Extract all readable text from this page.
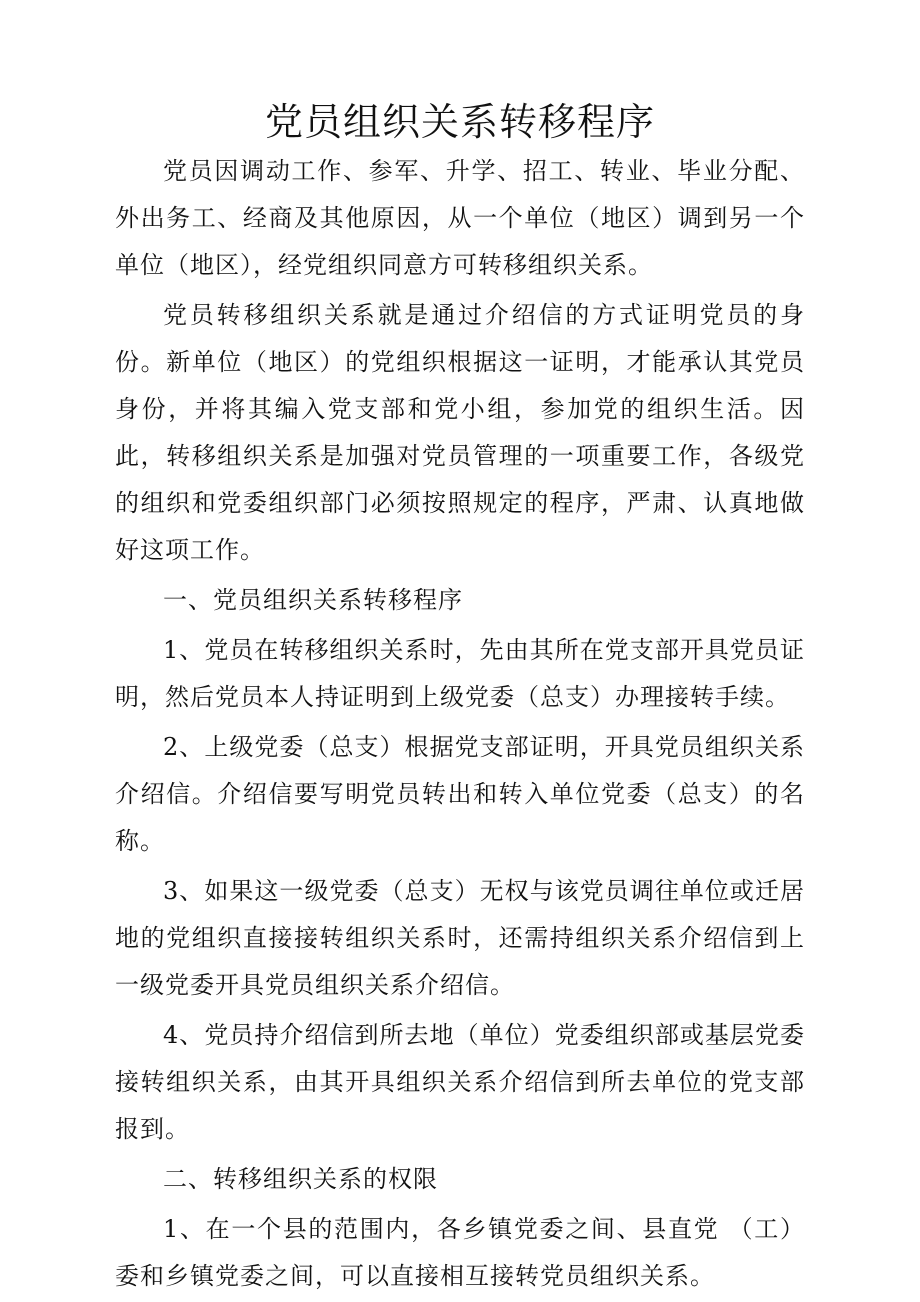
党员组织关系转移程序

党员因调动工作、参军、升学、招工、转业、毕业分配、外出务工、经商及其他原因，从一个单位（地区）调到另一个单位（地区），经党组织同意方可转移组织关系。

党员转移组织关系就是通过介绍信的方式证明党员的身份。新单位（地区）的党组织根据这一证明，才能承认其党员身份，并将其编入党支部和党小组，参加党的组织生活。因此，转移组织关系是加强对党员管理的一项重要工作，各级党的组织和党委组织部门必须按照规定的程序，严肃、认真地做好这项工作。

一、党员组织关系转移程序

1、党员在转移组织关系时，先由其所在党支部开具党员证明，然后党员本人持证明到上级党委（总支）办理接转手续。

2、上级党委（总支）根据党支部证明，开具党员组织关系介绍信。介绍信要写明党员转出和转入单位党委（总支）的名称。

3、如果这一级党委（总支）无权与该党员调往单位或迁居地的党组织直接接转组织关系时，还需持组织关系介绍信到上一级党委开具党员组织关系介绍信。

4、党员持介绍信到所去地（单位）党委组织部或基层党委接转组织关系，由其开具组织关系介绍信到所去单位的党支部报到。

二、转移组织关系的权限

1、在一个县的范围内，各乡镇党委之间、县直党 （工）委和乡镇党委之间，可以直接相互接转党员组织关系。
